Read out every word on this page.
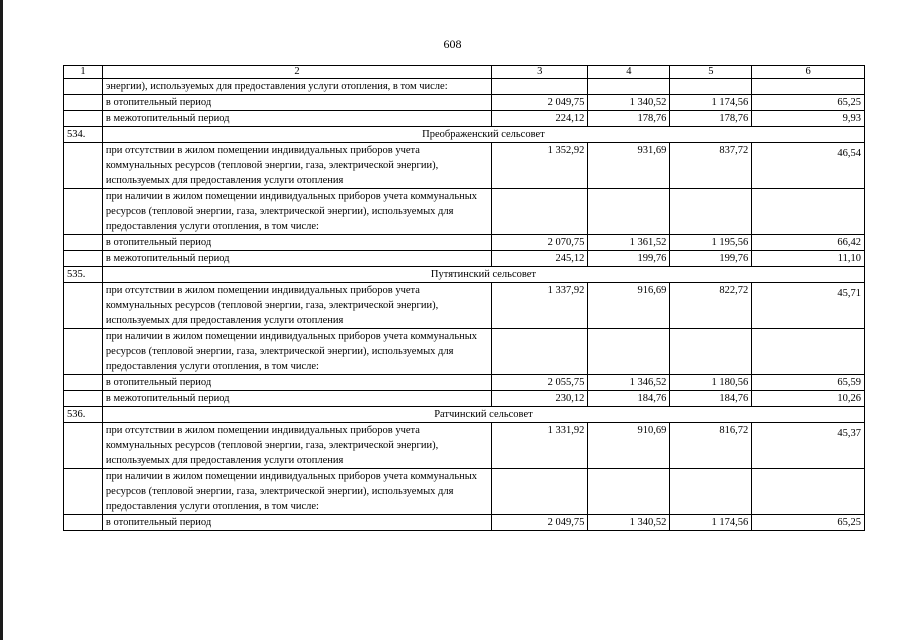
608
1	2	3	4	5	6
	энергии), используемых для предоставления услуги отопления, в том числе:				
	в отопительный период	2 049,75	1 340,52	1 174,56	65,25
	в межотопительный период	224,12	178,76	178,76	9,93
534.	Преображенский сельсовет				
	при отсутствии в жилом помещении индивидуальных приборов учета коммунальных ресурсов (тепловой энергии, газа, электрической энергии), используемых для предоставления услуги отопления	1 352,92	931,69	837,72	46,54
	при наличии в жилом помещении индивидуальных приборов учета коммунальных ресурсов (тепловой энергии, газа, электрической энергии), используемых для предоставления услуги отопления, в том числе:				
	в отопительный период	2 070,75	1 361,52	1 195,56	66,42
	в межотопительный период	245,12	199,76	199,76	11,10
535.	Путятинский сельсовет				
	при отсутствии в жилом помещении индивидуальных приборов учета коммунальных ресурсов (тепловой энергии, газа, электрической энергии), используемых для предоставления услуги отопления	1 337,92	916,69	822,72	45,71
	при наличии в жилом помещении индивидуальных приборов учета коммунальных ресурсов (тепловой энергии, газа, электрической энергии), используемых для предоставления услуги отопления, в том числе:				
	в отопительный период	2 055,75	1 346,52	1 180,56	65,59
	в межотопительный период	230,12	184,76	184,76	10,26
536.	Ратчинский сельсовет				
	при отсутствии в жилом помещении индивидуальных приборов учета коммунальных ресурсов (тепловой энергии, газа, электрической энергии), используемых для предоставления услуги отопления	1 331,92	910,69	816,72	45,37
	при наличии в жилом помещении индивидуальных приборов учета коммунальных ресурсов (тепловой энергии, газа, электрической энергии), используемых для предоставления услуги отопления, в том числе:				
	в отопительный период	2 049,75	1 340,52	1 174,56	65,25
